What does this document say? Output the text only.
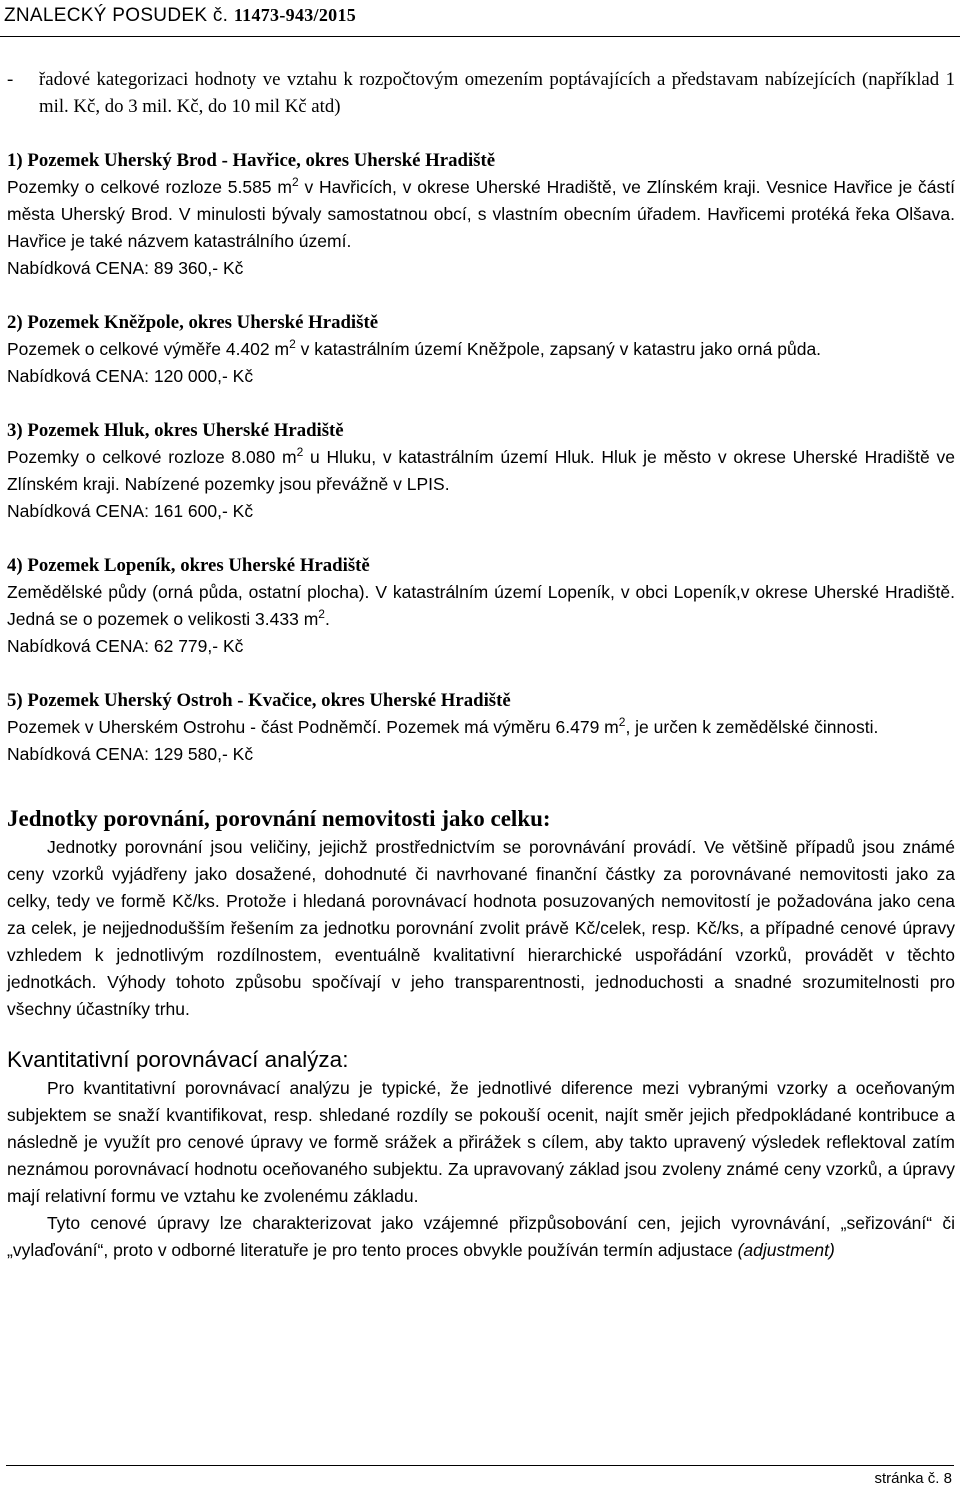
ZNALECKÝ POSUDEK č. 11473-943/2015
-	řadové kategorizaci hodnoty ve vztahu k rozpočtovým omezením poptávajících a představam nabízejících (například 1 mil. Kč, do 3 mil. Kč, do 10 mil Kč atd)

1) Pozemek Uherský Brod - Havřice, okres Uherské Hradiště

Pozemky o celkové rozloze 5.585 $m^2$ v Havřicích, v okrese Uherské Hradiště, ve Zlínském kraji. Vesnice Havřice je částí města Uherský Brod. V minulosti bývaly samostatnou obcí, s vlastním obecním úřadem. Havřicemi protéká řeka Olšava. Havřice je také názvem katastrálního území.

Nabídková CENA: 89 360,- Kč

2) Pozemek Kněžpole, okres Uherské Hradiště

Pozemek o celkové výměře 4.402 $m^2$ v katastrálním území Kněžpole, zapsaný v katastru jako orná půda.

Nabídková CENA: 120 000,- Kč

3) Pozemek Hluk, okres Uherské Hradiště

Pozemky o celkové rozloze 8.080 $m^2$ u Hluku, v katastrálním území Hluk. Hluk je město v okrese Uherské Hradiště ve Zlínském kraji. Nabízené pozemky jsou převážně v LPIS.

Nabídková CENA: 161 600,- Kč

4) Pozemek Lopeník, okres Uherské Hradiště

Zemědělské půdy (orná půda, ostatní plocha). V katastrálním území Lopeník, v obci Lopeník,v okrese Uherské Hradiště. Jedná se o pozemek o velikosti 3.433 $m^2$.

Nabídková CENA: 62 779,- Kč

5) Pozemek Uherský Ostroh - Kvačice, okres Uherské Hradiště

Pozemek v Uherském Ostrohu - část Podněmčí. Pozemek má výměru 6.479 $m^2$, je určen k zemědělské činnosti.

Nabídková CENA: 129 580,- Kč

Jednotky porovnání, porovnání nemovitosti jako celku:

Jednotky porovnání jsou veličiny, jejichž prostřednictvím se porovnávání provádí. Ve většině případů jsou známé ceny vzorků vyjádřeny jako dosažené, dohodnuté či navrhované finanční částky za porovnávané nemovitosti jako za celky, tedy ve formě Kč/ks. Protože i hledaná porovnávací hodnota posuzovaných nemovitostí je požadována jako cena za celek, je nejjednodušším řešením za jednotku porovnání zvolit právě Kč/celek, resp. Kč/ks, a případné cenové úpravy vzhledem k jednotlivým rozdílnostem, eventuálně kvalitativní hierarchické uspořádání vzorků, provádět v těchto jednotkách. Výhody tohoto způsobu spočívají v jeho transparentnosti, jednoduchosti a snadné srozumitelnosti pro všechny účastníky trhu.

Kvantitativní porovnávací analýza:

Pro kvantitativní porovnávací analýzu je typické, že jednotlivé diference mezi vybranými vzorky a oceňovaným subjektem se snaží kvantifikovat, resp. shledané rozdíly se pokouší ocenit, najít směr jejich předpokládané kontribuce a následně je využít pro cenové úpravy ve formě srážek a přirážek s cílem, aby takto upravený výsledek reflektoval zatím neznámou porovnávací hodnotu oceňovaného subjektu. Za upravovaný základ jsou zvoleny známé ceny vzorků, a úpravy mají relativní formu ve vztahu ke zvolenému základu.

Tyto cenové úpravy lze charakterizovat jako vzájemné přizpůsobování cen, jejich vyrovnávání, „seřizování“ či „vylaďování“, proto v odborné literatuře je pro tento proces obvykle používán termín adjustace (adjustment)

stránka č. 8
